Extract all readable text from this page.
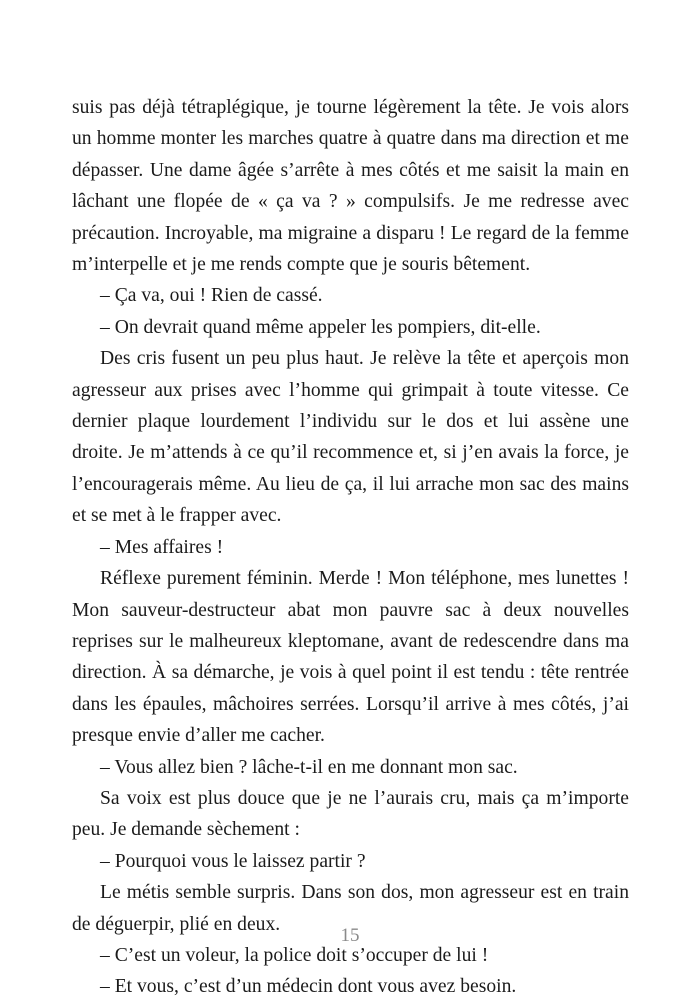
suis pas déjà tétraplégique, je tourne légèrement la tête. Je vois alors un homme monter les marches quatre à quatre dans ma direction et me dépasser. Une dame âgée s’arrête à mes côtés et me saisit la main en lâchant une flopée de « ça va ? » compulsifs. Je me redresse avec précaution. Incroyable, ma migraine a disparu ! Le regard de la femme m’interpelle et je me rends compte que je souris bêtement.

– Ça va, oui ! Rien de cassé.

– On devrait quand même appeler les pompiers, dit-elle.

Des cris fusent un peu plus haut. Je relève la tête et aperçois mon agresseur aux prises avec l’homme qui grimpait à toute vitesse. Ce dernier plaque lourdement l’individu sur le dos et lui assène une droite. Je m’attends à ce qu’il recommence et, si j’en avais la force, je l’encouragerais même. Au lieu de ça, il lui arrache mon sac des mains et se met à le frapper avec.

– Mes affaires !

Réflexe purement féminin. Merde ! Mon téléphone, mes lunettes ! Mon sauveur-destructeur abat mon pauvre sac à deux nouvelles reprises sur le malheureux kleptomane, avant de redescendre dans ma direction. À sa démarche, je vois à quel point il est tendu : tête rentrée dans les épaules, mâchoires serrées. Lorsqu’il arrive à mes côtés, j’ai presque envie d’aller me cacher.

– Vous allez bien ? lâche-t-il en me donnant mon sac.

Sa voix est plus douce que je ne l’aurais cru, mais ça m’importe peu. Je demande sèchement :

– Pourquoi vous le laissez partir ?

Le métis semble surpris. Dans son dos, mon agresseur est en train de déguerpir, plié en deux.

– C’est un voleur, la police doit s’occuper de lui !

– Et vous, c’est d’un médecin dont vous avez besoin.

15
